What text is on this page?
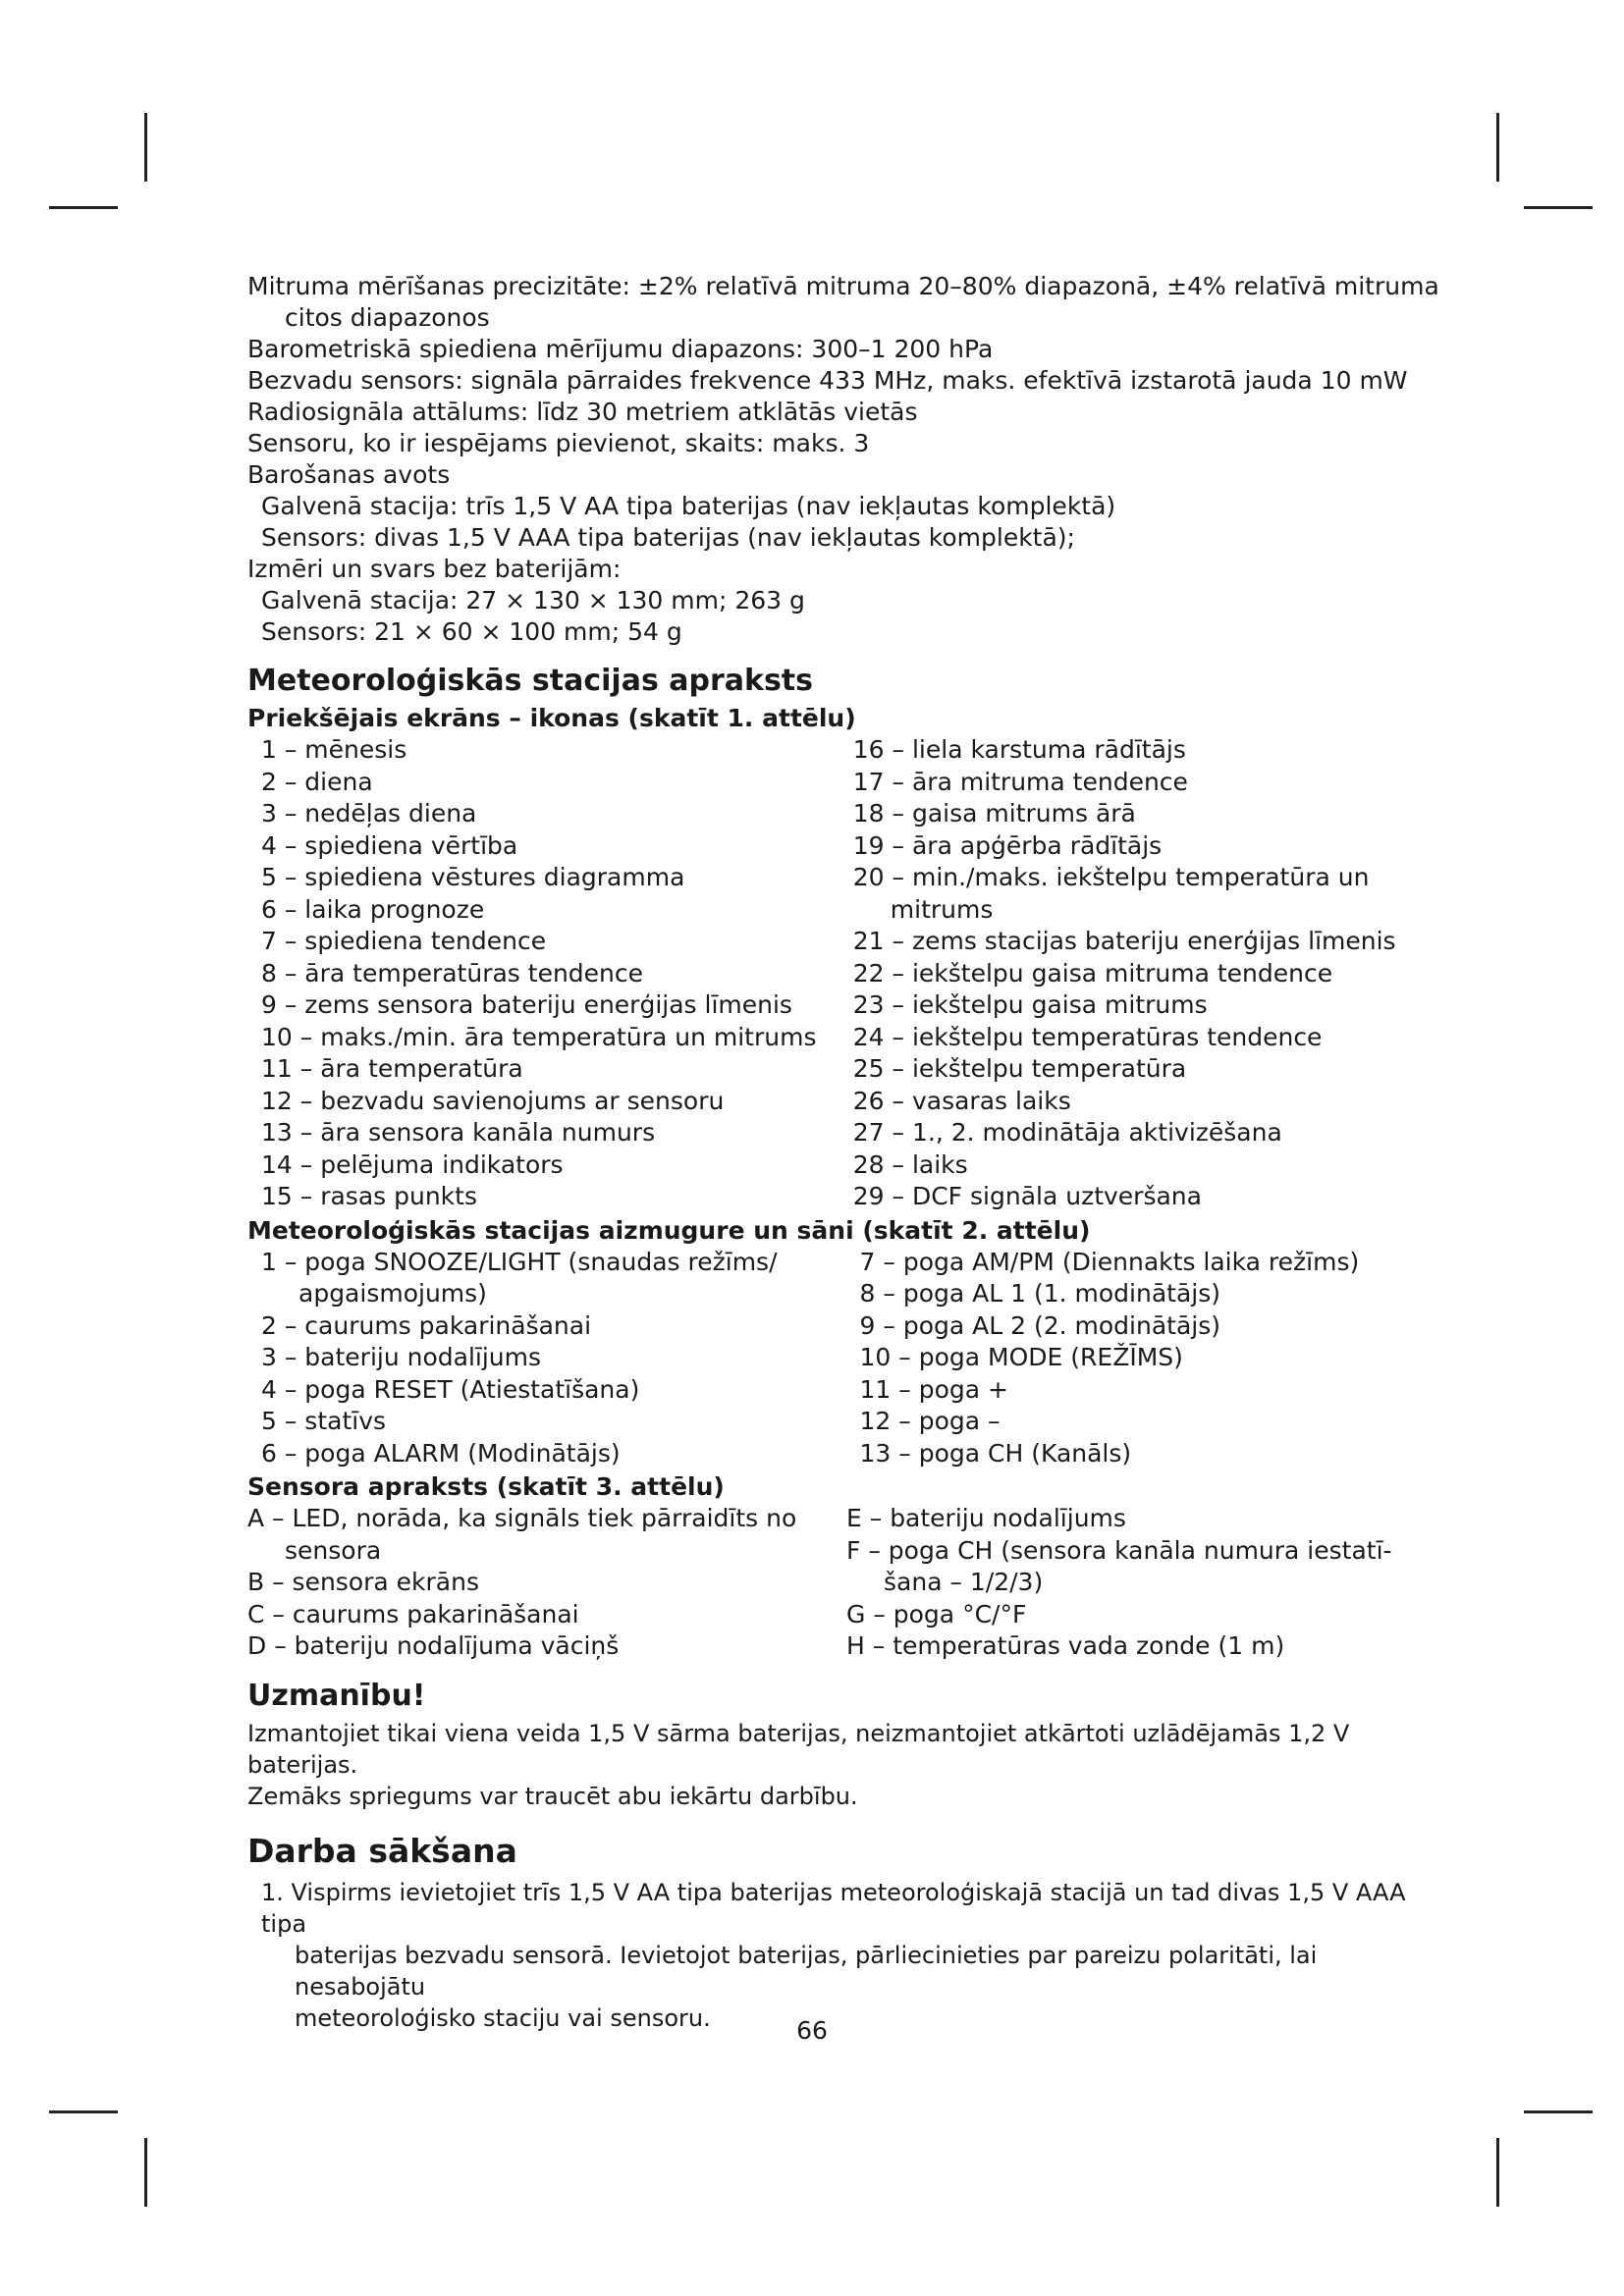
Mitruma mērīšanas precizitāte: ±2% relatīvā mitruma 20–80% diapazonā, ±4% relatīvā mitruma
citos diapazonos
Barometriskā spiediena mērījumu diapazons: 300–1 200 hPa
Bezvadu sensors: signāla pārraides frekvence 433 MHz, maks. efektīvā izstarotā jauda 10 mW
Radiosignāla attālums: līdz 30 metriem atklātās vietās
Sensoru, ko ir iespējams pievienot, skaits: maks. 3
Barošanas avots
Galvenā stacija: trīs 1,5 V AA tipa baterijas (nav iekļautas komplektā)
Sensors: divas 1,5 V AAA tipa baterijas (nav iekļautas komplektā);
Izmēri un svars bez baterijām:
Galvenā stacija: 27 × 130 × 130 mm; 263 g
Sensors: 21 × 60 × 100 mm; 54 g
Meteoroloģiskās stacijas apraksts
Priekšējais ekrāns – ikonas (skatīt 1. attēlu)
1 – mēnesis
2 – diena
3 – nedēļas diena
4 – spiediena vērtība
5 – spiediena vēstures diagramma
6 – laika prognoze
7 – spiediena tendence
8 – āra temperatūras tendence
9 – zems sensora bateriju enerģijas līmenis
10 – maks./min. āra temperatūra un mitrums
11 – āra temperatūra
12 – bezvadu savienojums ar sensoru
13 – āra sensora kanāla numurs
14 – pelējuma indikators
15 – rasas punkts
16 – liela karstuma rādītājs
17 – āra mitruma tendence
18 – gaisa mitrums ārā
19 – āra apģērba rādītājs
20 – min./maks. iekštelpu temperatūra un
mitrums
21 – zems stacijas bateriju enerģijas līmenis
22 – iekštelpu gaisa mitruma tendence
23 – iekštelpu gaisa mitrums
24 – iekštelpu temperatūras tendence
25 – iekštelpu temperatūra
26 – vasaras laiks
27 – 1., 2. modinātāja aktivizēšana
28 – laiks
29 – DCF signāla uztveršana
Meteoroloģiskās stacijas aizmugure un sāni (skatīt 2. attēlu)
1 – poga SNOOZE/LIGHT (snaudas režīms/
apgaismojums)
2 – caurums pakarināšanai
3 – bateriju nodalījums
4 – poga RESET (Atiestatīšana)
5 – statīvs
6 – poga ALARM (Modinātājs)
7 – poga AM/PM (Diennakts laika režīms)
8 – poga AL 1 (1. modinātājs)
9 – poga AL 2 (2. modinātājs)
10 – poga MODE (REŽĪMS)
11 – poga +
12 – poga –
13 – poga CH (Kanāls)
Sensora apraksts (skatīt 3. attēlu)
A – LED, norāda, ka signāls tiek pārraidīts no
sensora
B – sensora ekrāns
C – caurums pakarināšanai
D – bateriju nodalījuma vāciņš
E – bateriju nodalījums
F – poga CH (sensora kanāla numura iestatī-
šana – 1/2/3)
G – poga °C/°F
H – temperatūras vada zonde (1 m)
Uzmanību!
Izmantojiet tikai viena veida 1,5 V sārma baterijas, neizmantojiet atkārtoti uzlādējamās 1,2 V baterijas.
Zemāks spriegums var traucēt abu iekārtu darbību.
Darba sākšana
1. Vispirms ievietojiet trīs 1,5 V AA tipa baterijas meteoroloģiskajā stacijā un tad divas 1,5 V AAA tipa
baterijas bezvadu sensorā. Ievietojot baterijas, pārliecinieties par pareizu polaritāti, lai nesabojātu
meteoroloģisko staciju vai sensoru.	66
